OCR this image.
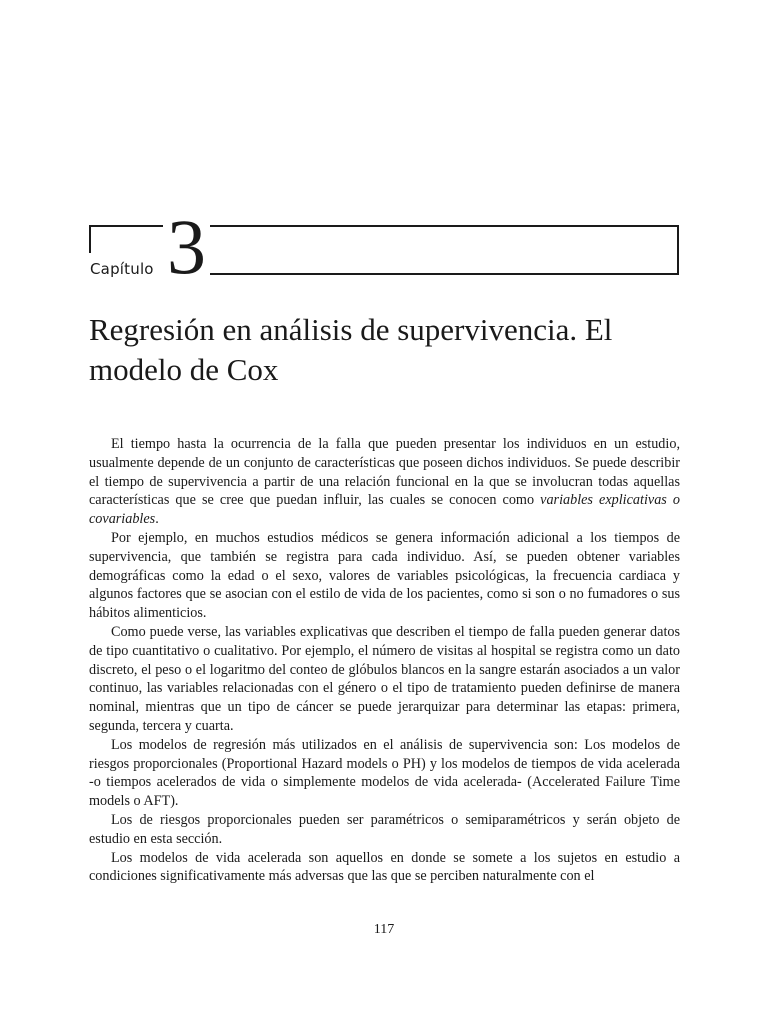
Capítulo 3
Regresión en análisis de supervivencia. El modelo de Cox

El tiempo hasta la ocurrencia de la falla que pueden presentar los individuos en un estudio, usualmente depende de un conjunto de características que poseen dichos individuos. Se puede describir el tiempo de supervivencia a partir de una relación funcional en la que se involucran todas aquellas características que se cree que puedan influir, las cuales se conocen como variables explicativas o covariables.

Por ejemplo, en muchos estudios médicos se genera información adicional a los tiempos de supervivencia, que también se registra para cada individuo. Así, se pueden obtener variables demográficas como la edad o el sexo, valores de variables psicológicas, la frecuencia cardiaca y algunos factores que se asocian con el estilo de vida de los pacientes, como si son o no fumadores o sus hábitos alimenticios.

Como puede verse, las variables explicativas que describen el tiempo de falla pueden generar datos de tipo cuantitativo o cualitativo. Por ejemplo, el número de visitas al hospital se registra como un dato discreto, el peso o el logaritmo del conteo de glóbulos blancos en la sangre estarán asociados a un valor continuo, las variables relacionadas con el género o el tipo de tratamiento pueden definirse de manera nominal, mientras que un tipo de cáncer se puede jerarquizar para determinar las etapas: primera, segunda, tercera y cuarta.

Los modelos de regresión más utilizados en el análisis de supervivencia son: Los modelos de riesgos proporcionales (Proportional Hazard models o PH) y los modelos de tiempos de vida acelerada -o tiempos acelerados de vida o simplemente modelos de vida acelerada- (Accelerated Failure Time models o AFT).

Los de riesgos proporcionales pueden ser paramétricos o semiparamétricos y serán objeto de estudio en esta sección.

Los modelos de vida acelerada son aquellos en donde se somete a los sujetos en estudio a condiciones significativamente más adversas que las que se perciben naturalmente con el

117
